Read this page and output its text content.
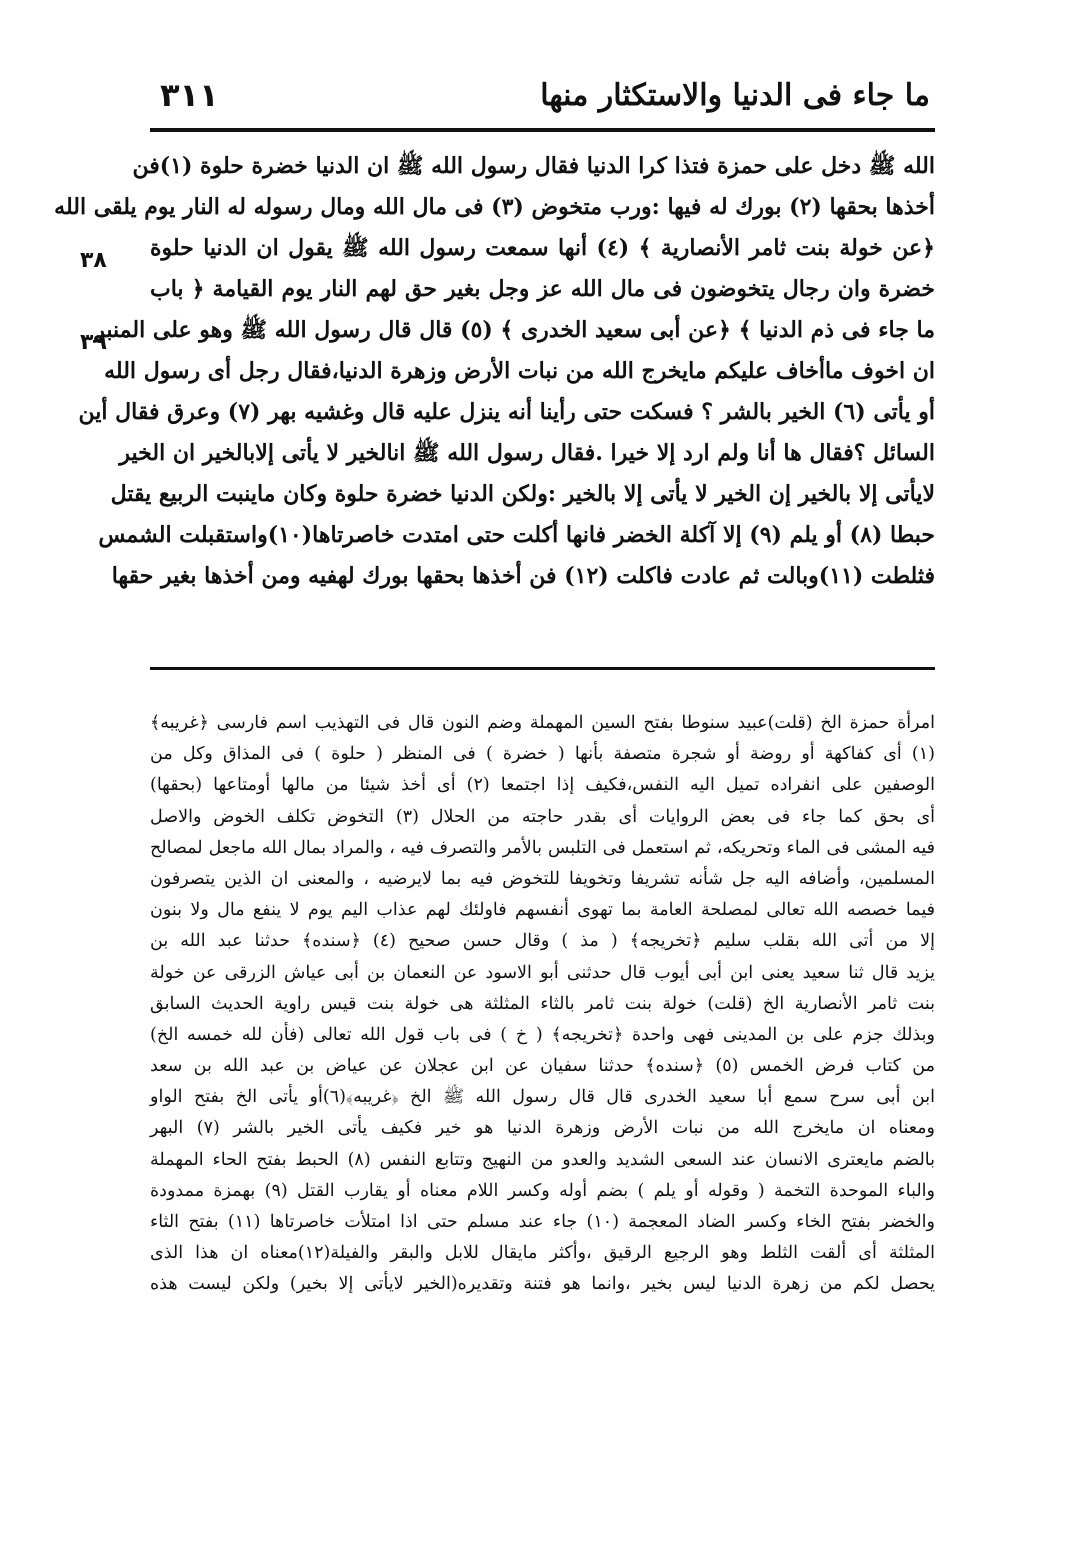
ما جاء فى الدنيا والاستكثار منها
٣١١
الله ﷺ دخل على حمزة فتذا كرا الدنيا فقال رسول الله ﷺ ان الدنيا خضرة حلوة (١)فن
أخذها بحقها (٢) بورك له فيها :ورب متخوض (٣) فى مال الله ومال رسوله له النار يوم يلقى الله
﴿عن خولة بنت ثامر الأنصارية ﴾ (٤) أنها سمعت رسول الله ﷺ يقول ان الدنيا حلوة
خضرة وان رجال يتخوضون فى مال الله عز وجل بغير حق لهم النار يوم القيامة ﴿ باب
ما جاء فى ذم الدنيا ﴾ ﴿عن أبى سعيد الخدرى ﴾ (٥) قال قال رسول الله ﷺ وهو على المنبر
ان اخوف ماأخاف عليكم مايخرج الله من نبات الأرض وزهرة الدنيا،فقال رجل أى رسول الله
أو يأتى (٦) الخير بالشر ؟ فسكت حتى رأينا أنه ينزل عليه قال وغشيه بهر (٧) وعرق فقال أين
السائل ؟فقال ها أنا ولم ارد إلا خيرا .فقال رسول الله ﷺ انالخير لا يأتى إلابالخير ان الخير
لايأتى إلا بالخير إن الخير لا يأتى إلا بالخير :ولكن الدنيا خضرة حلوة وكان ماينبت الربيع يقتل
حبطا (٨) أو يلم (٩) إلا آكلة الخضر فانها أكلت حتى امتدت خاصرتاها(١٠)واستقبلت الشمس
فثلطت (١١)وبالت ثم عادت فاكلت (١٢) فن أخذها بحقها بورك لهفيه ومن أخذها بغير حقها
٣٨
٣٩
امرأة حمزة الخ (قلت)عبيد سنوطا بفتح السين المهملة وضم النون قال فى التهذيب اسم فارسى ﴿غريبه﴾
(١) أى كفاكهة أو روضة أو شجرة متصفة بأنها ( خضرة ) فى المنظر ( حلوة ) فى المذاق وكل من
الوصفين على انفراده تميل اليه النفس،فكيف إذا اجتمعا (٢) أى أخذ شيئا من مالها أومتاعها (بحقها)
أى بحق كما جاء فى بعض الروايات أى بقدر حاجته من الحلال (٣) التخوض تكلف الخوض والاصل
فيه المشى فى الماء وتحريكه، ثم استعمل فى التلبس بالأمر والتصرف فيه ، والمراد بمال الله ماجعل لمصالح
المسلمين، وأضافه اليه جل شأنه تشريفا وتخويفا للتخوض فيه بما لايرضيه ، والمعنى ان الذين يتصرفون
فيما خصصه الله تعالى لمصلحة العامة بما تهوى أنفسهم فاولئك لهم عذاب اليم يوم لا ينفع مال ولا بنون
إلا من أتى الله بقلب سليم ﴿تخريجه﴾ ( مذ ) وقال حسن صحيح (٤) ﴿سنده﴾ حدثنا عبد الله بن
يزيد قال ثنا سعيد يعنى ابن أبى أيوب قال حدثنى أبو الاسود عن النعمان بن أبى عياش الزرقى عن خولة
بنت ثامر الأنصارية الخ (قلت) خولة بنت ثامر بالثاء المثلثة هى خولة بنت قيس راوية الحديث السابق
وبذلك جزم على بن المدينى فهى واحدة ﴿تخريجه﴾ ( خ ) فى باب قول الله تعالى (فأن لله خمسه الخ)
من كتاب فرض الخمس (٥) ﴿سنده﴾ حدثنا سفيان عن ابن عجلان عن عياض بن عبد الله بن سعد
ابن أبى سرح سمع أبا سعيد الخدرى قال قال رسول الله ﷺ الخ ﴿غريبه﴾(٦)أو يأتى الخ بفتح الواو
ومعناه ان مايخرج الله من نبات الأرض وزهرة الدنيا هو خير فكيف يأتى الخير بالشر (٧) البهر
بالضم مايعترى الانسان عند السعى الشديد والعدو من النهيج وتتابع النفس (٨) الحبط بفتح الحاء المهملة
والباء الموحدة التخمة ( وقوله أو يلم ) بضم أوله وكسر اللام معناه أو يقارب القتل (٩) بهمزة ممدودة
والخضر بفتح الخاء وكسر الضاد المعجمة (١٠) جاء عند مسلم حتى اذا امتلأت خاصرتاها (١١) بفتح الثاء
المثلثة أى ألقت الثلط وهو الرجيع الرقيق ،وأكثر مايقال للابل والبقر والفيلة(١٢)معناه ان هذا الذى
يحصل لكم من زهرة الدنيا ليس بخير ،وانما هو فتنة وتقديره(الخير لايأتى إلا بخير) ولكن ليست هذه
